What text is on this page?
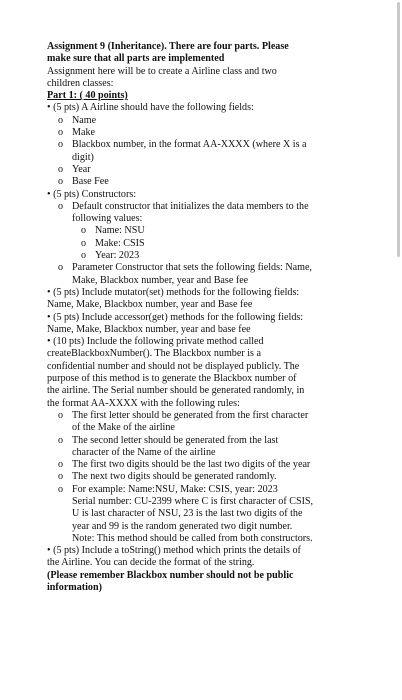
Assignment 9 (Inheritance). There are four parts. Please

make sure that all parts are implemented

Assignment here will be to create a Airline class and two

children classes:

Part 1: ( 40 points)

• (5 pts) A Airline should have the following fields:

o Name

o Make

o Blackbox number, in the format AA-XXXX (where X is a

digit)

o Year

o Base Fee

• (5 pts) Constructors:

o Default constructor that initializes the data members to the

following values:

o Name: NSU

o Make: CSIS

o Year: 2023

o Parameter Constructor that sets the following fields: Name,

Make, Blackbox number, year and Base fee

• (5 pts) Include mutator(set) methods for the following fields:

Name, Make, Blackbox number, year and Base fee

• (5 pts) Include accessor(get) methods for the following fields:

Name, Make, Blackbox number, year and base fee

• (10 pts) Include the following private method called

createBlackboxNumber(). The Blackbox number is a

confidential number and should not be displayed publicly. The

purpose of this method is to generate the Blackbox number of

the airline. The Serial number should be generated randomly, in

the format AA-XXXX with the following rules:

o The first letter should be generated from the first character

of the Make of the airline

o The second letter should be generated from the last

character of the Name of the airline

o The first two digits should be the last two digits of the year

o The next two digits should be generated randomly.

o For example: Name:NSU, Make: CSIS, year: 2023

Serial number: CU-2399 where C is first character of CSIS,

U is last character of NSU, 23 is the last two digits of the

year and 99 is the random generated two digit number.

Note: This method should be called from both constructors.

• (5 pts) Include a toString() method which prints the details of

the Airline. You can decide the format of the string.

(Please remember Blackbox number should not be public

information)
